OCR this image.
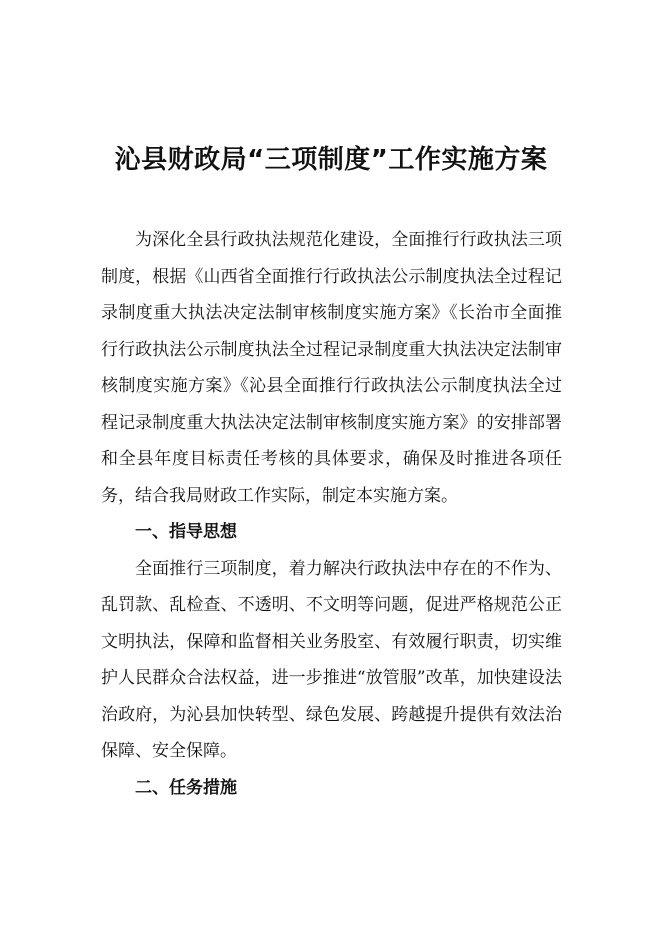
沁县财政局“三项制度”工作实施方案

为深化全县行政执法规范化建设，全面推行行政执法三项制度，根据《山西省全面推行行政执法公示制度执法全过程记录制度重大执法决定法制审核制度实施方案》《长治市全面推行行政执法公示制度执法全过程记录制度重大执法决定法制审核制度实施方案》《沁县全面推行行政执法公示制度执法全过程记录制度重大执法决定法制审核制度实施方案》的安排部署和全县年度目标责任考核的具体要求，确保及时推进各项任务，结合我局财政工作实际，制定本实施方案。

一、指导思想

全面推行三项制度，着力解决行政执法中存在的不作为、乱罚款、乱检查、不透明、不文明等问题，促进严格规范公正文明执法，保障和监督相关业务股室、有效履行职责，切实维护人民群众合法权益，进一步推进“放管服”改革，加快建设法治政府，为沁县加快转型、绿色发展、跨越提升提供有效法治保障、安全保障。

二、任务措施
